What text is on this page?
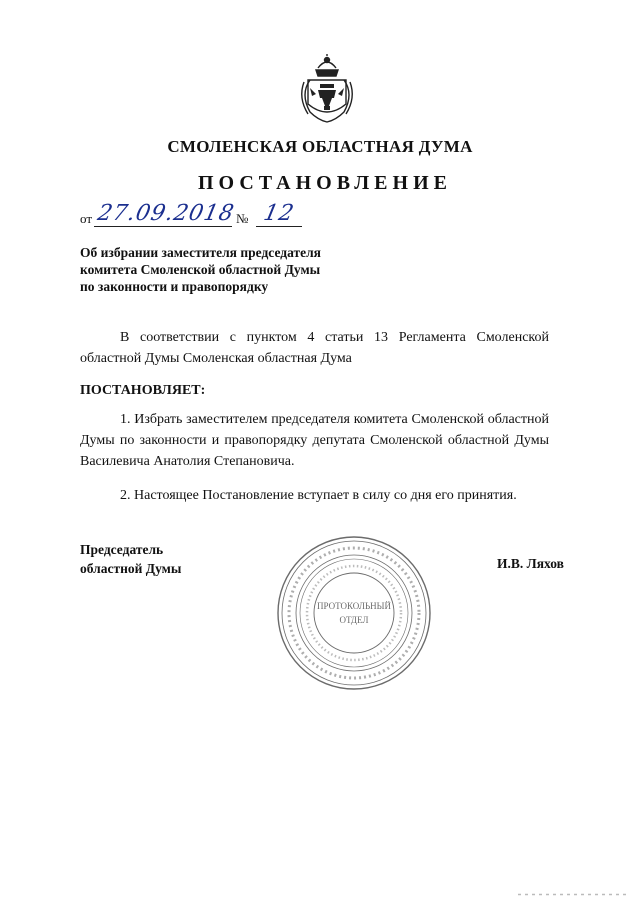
СМОЛЕНСКАЯ ОБЛАСТНАЯ ДУМА
ПОСТАНОВЛЕНИЕ
от 27.09.2018 № 12
Об избрании заместителя председателя
комитета Смоленской областной Думы
по законности и правопорядку
В соответствии с пунктом 4 статьи 13 Регламента Смоленской областной Думы Смоленская областная Дума
ПОСТАНОВЛЯЕТ:
1. Избрать заместителем председателя комитета Смоленской областной Думы по законности и правопорядку депутата Смоленской областной Думы Василевича Анатолия Степановича.
2. Настоящее Постановление вступает в силу со дня его принятия.
Председатель
областной Думы	И.В. Ляхов
ПРОТОКОЛЬНЫЙ
ОТДЕЛ
